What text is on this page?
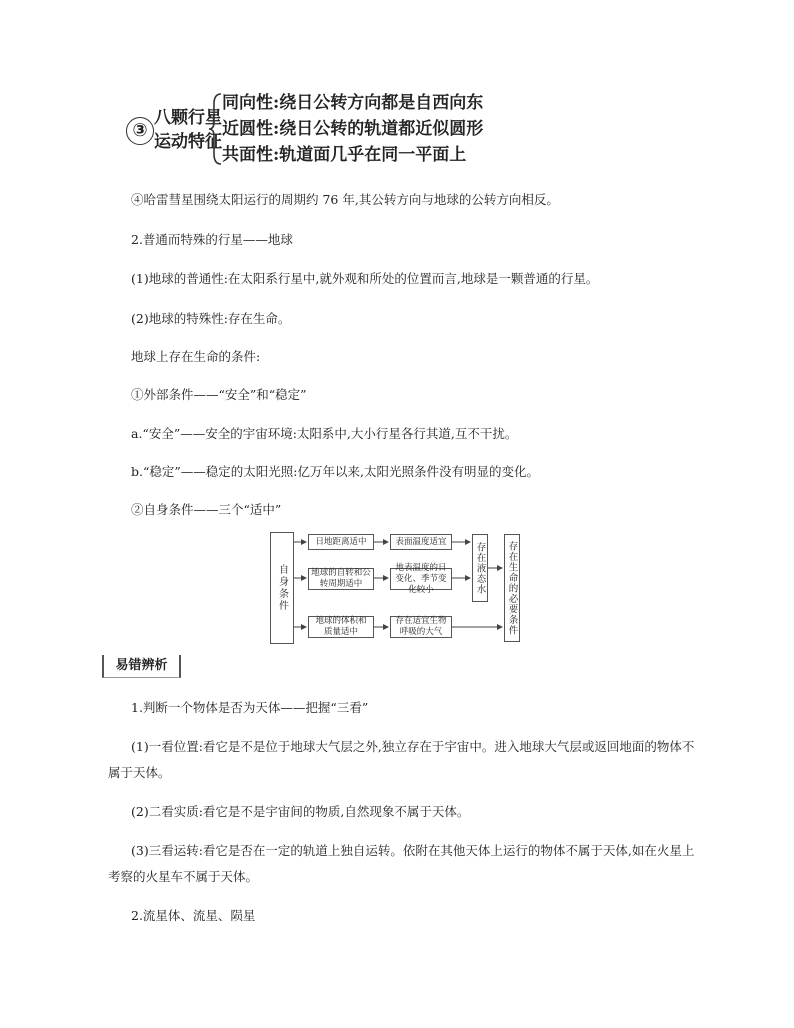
③
八颗行星
运动特征
同向性:绕日公转方向都是自西向东
近圆性:绕日公转的轨道都近似圆形
共面性:轨道面几乎在同一平面上
④哈雷彗星围绕太阳运行的周期约 76 年,其公转方向与地球的公转方向相反。
2.普通而特殊的行星——地球
(1)地球的普通性:在太阳系行星中,就外观和所处的位置而言,地球是一颗普通的行星。
(2)地球的特殊性:存在生命。
地球上存在生命的条件:
①外部条件——“安全”和“稳定”
a.“安全”——安全的宇宙环境:太阳系中,大小行星各行其道,互不干扰。
b.“稳定”——稳定的太阳光照:亿万年以来,太阳光照条件没有明显的变化。
②自身条件——三个“适中”
自身条件
日地距离适中	表面温度适宜
地球的自转和公转周期适中
地表温度的日变化、季节变化较小
地球的体积和质量适中
存在适宜生物呼吸的大气
存在液态水 存在生命的必要条件
易错辨析
1.判断一个物体是否为天体——把握“三看”
(1)一看位置:看它是不是位于地球大气层之外,独立存在于宇宙中。进入地球大气层或返回地面的物体不
属于天体。
(2)二看实质:看它是不是宇宙间的物质,自然现象不属于天体。
(3)三看运转:看它是否在一定的轨道上独自运转。依附在其他天体上运行的物体不属于天体,如在火星上
考察的火星车不属于天体。
2.流星体、流星、陨星
